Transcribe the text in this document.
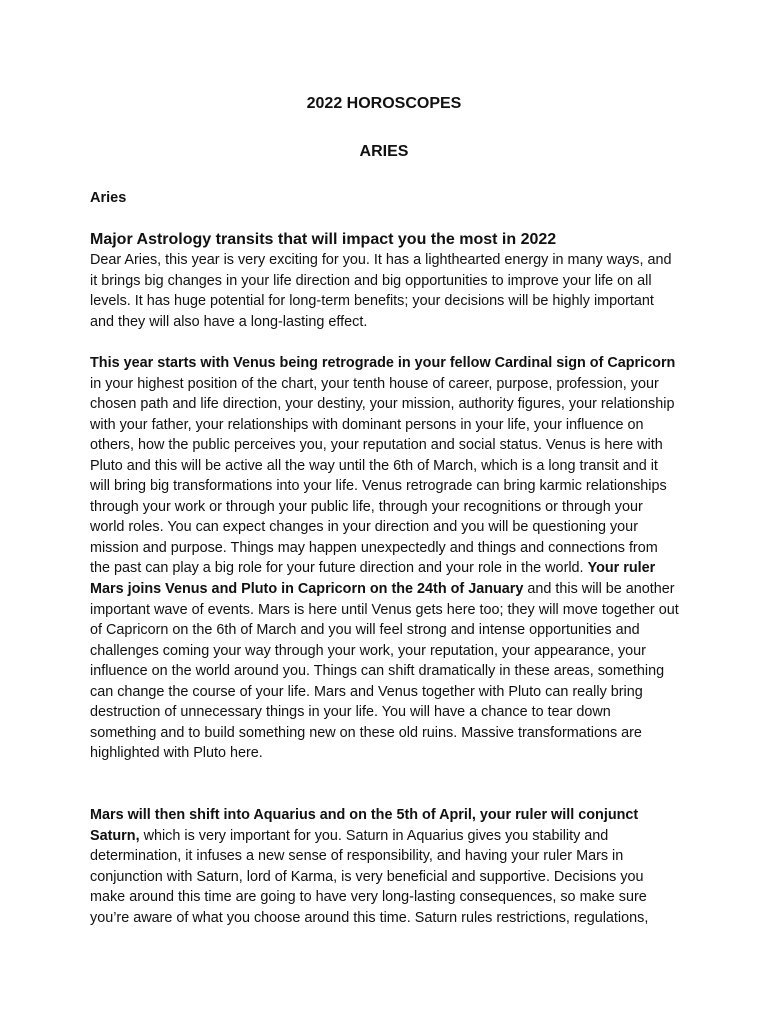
2022 HOROSCOPES
ARIES

Aries

Major Astrology transits that will impact you the most in 2022

Dear Aries, this year is very exciting for you. It has a lighthearted energy in many ways, and it brings big changes in your life direction and big opportunities to improve your life on all levels. It has huge potential for long-term benefits; your decisions will be highly important and they will also have a long-lasting effect.

This year starts with Venus being retrograde in your fellow Cardinal sign of Capricorn in your highest position of the chart, your tenth house of career, purpose, profession, your chosen path and life direction, your destiny, your mission, authority figures, your relationship with your father, your relationships with dominant persons in your life, your influence on others, how the public perceives you, your reputation and social status. Venus is here with Pluto and this will be active all the way until the 6th of March, which is a long transit and it will bring big transformations into your life. Venus retrograde can bring karmic relationships through your work or through your public life, through your recognitions or through your world roles. You can expect changes in your direction and you will be questioning your mission and purpose. Things may happen unexpectedly and things and connections from the past can play a big role for your future direction and your role in the world. Your ruler Mars joins Venus and Pluto in Capricorn on the 24th of January and this will be another important wave of events. Mars is here until Venus gets here too; they will move together out of Capricorn on the 6th of March and you will feel strong and intense opportunities and challenges coming your way through your work, your reputation, your appearance, your influence on the world around you. Things can shift dramatically in these areas, something can change the course of your life. Mars and Venus together with Pluto can really bring destruction of unnecessary things in your life. You will have a chance to tear down something and to build something new on these old ruins. Massive transformations are highlighted with Pluto here.

Mars will then shift into Aquarius and on the 5th of April, your ruler will conjunct Saturn, which is very important for you. Saturn in Aquarius gives you stability and determination, it infuses a new sense of responsibility, and having your ruler Mars in conjunction with Saturn, lord of Karma, is very beneficial and supportive. Decisions you make around this time are going to have very long-lasting consequences, so make sure you’re aware of what you choose around this time. Saturn rules restrictions, regulations,
